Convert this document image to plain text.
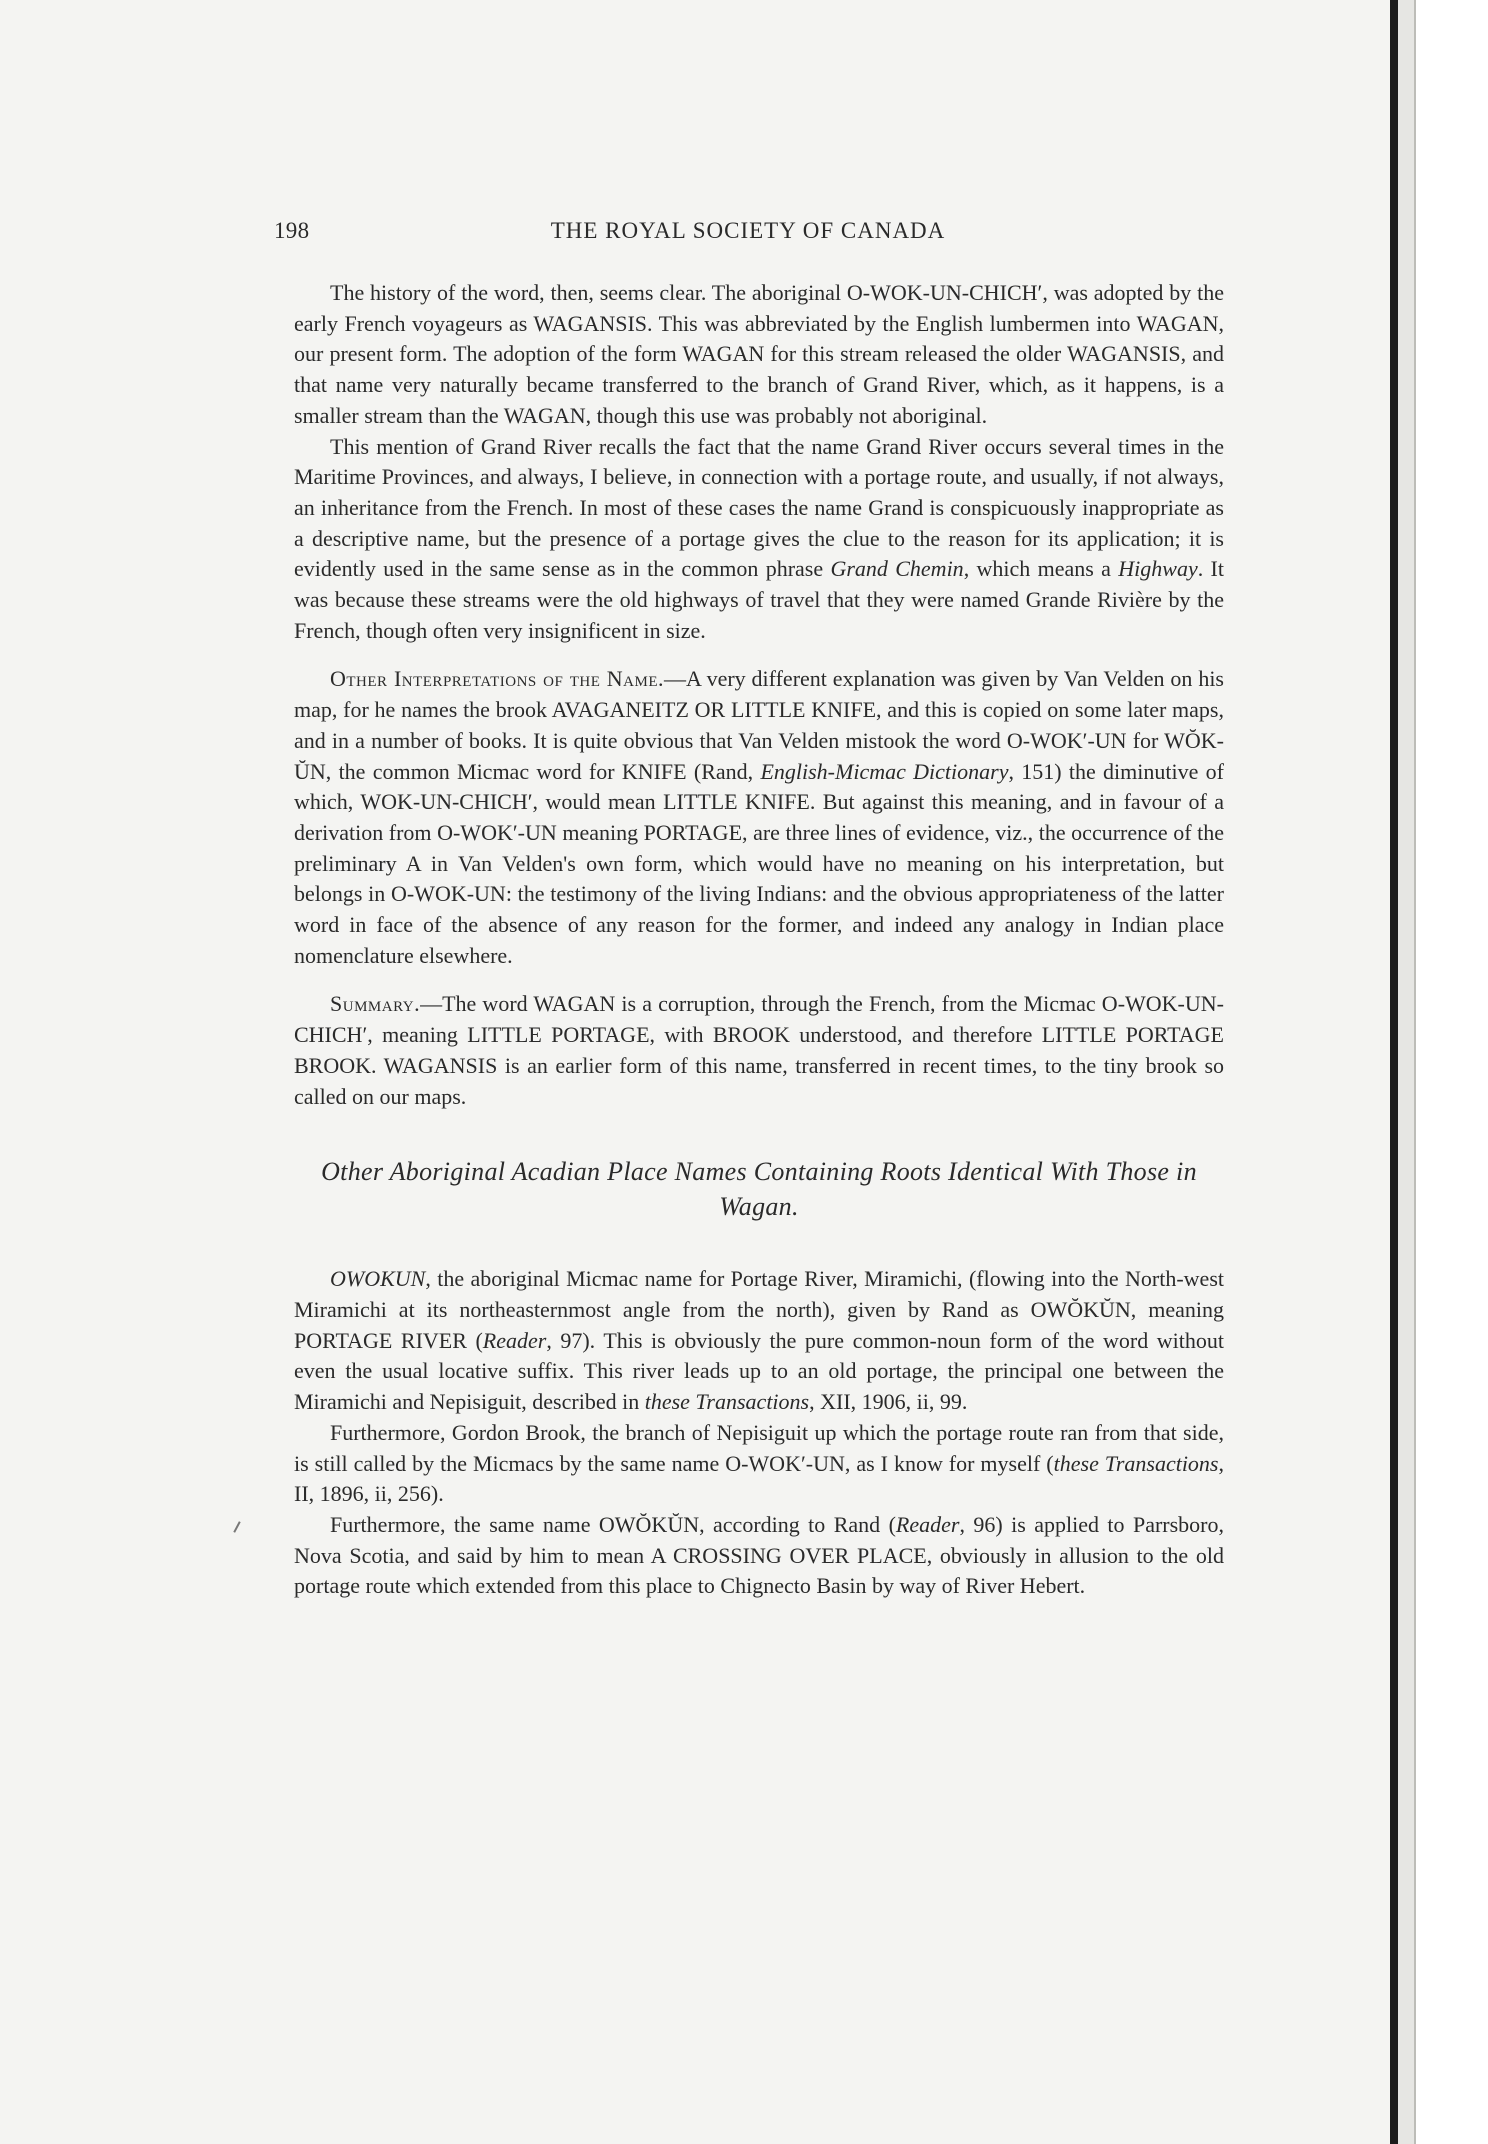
198	THE ROYAL SOCIETY OF CANADA

The history of the word, then, seems clear. The aboriginal O-WOK-UN-CHICH′, was adopted by the early French voyageurs as WAGANSIS. This was abbreviated by the English lumbermen into WAGAN, our present form. The adoption of the form WAGAN for this stream released the older WAGANSIS, and that name very naturally became transferred to the branch of Grand River, which, as it happens, is a smaller stream than the WAGAN, though this use was probably not aboriginal.

This mention of Grand River recalls the fact that the name Grand River occurs several times in the Maritime Provinces, and always, I believe, in connection with a portage route, and usually, if not always, an inheritance from the French. In most of these cases the name Grand is conspicuously inappropriate as a descriptive name, but the presence of a portage gives the clue to the reason for its application; it is evidently used in the same sense as in the common phrase Grand Chemin, which means a Highway. It was because these streams were the old highways of travel that they were named Grande Rivière by the French, though often very insignificent in size.

Other Interpretations of the Name.—A very different explanation was given by Van Velden on his map, for he names the brook AVAGANEITZ OR LITTLE KNIFE, and this is copied on some later maps, and in a number of books. It is quite obvious that Van Velden mistook the word O-WOK′-UN for WŎK-ŬN, the common Micmac word for KNIFE (Rand, English-Micmac Dictionary, 151) the diminutive of which, WOK-UN-CHICH′, would mean LITTLE KNIFE. But against this meaning, and in favour of a derivation from O-WOK′-UN meaning PORTAGE, are three lines of evidence, viz., the occurrence of the preliminary A in Van Velden's own form, which would have no meaning on his interpretation, but belongs in O-WOK-UN: the testimony of the living Indians: and the obvious appropriateness of the latter word in face of the absence of any reason for the former, and indeed any analogy in Indian place nomenclature elsewhere.

Summary.—The word WAGAN is a corruption, through the French, from the Micmac O-WOK-UN-CHICH′, meaning LITTLE PORTAGE, with BROOK understood, and therefore LITTLE PORTAGE BROOK. WAGANSIS is an earlier form of this name, transferred in recent times, to the tiny brook so called on our maps.

Other Aboriginal Acadian Place Names Containing Roots Identical With Those in Wagan.

OWOKUN, the aboriginal Micmac name for Portage River, Miramichi, (flowing into the North-west Miramichi at its northeasternmost angle from the north), given by Rand as OWŎKŬN, meaning PORTAGE RIVER (Reader, 97). This is obviously the pure common-noun form of the word without even the usual locative suffix. This river leads up to an old portage, the principal one between the Miramichi and Nepisiguit, described in these Transactions, XII, 1906, ii, 99.

Furthermore, Gordon Brook, the branch of Nepisiguit up which the portage route ran from that side, is still called by the Micmacs by the same name O-WOK′-UN, as I know for myself (these Transactions, II, 1896, ii, 256).

Furthermore, the same name OWŎKŬN, according to Rand (Reader, 96) is applied to Parrsboro, Nova Scotia, and said by him to mean A CROSSING OVER PLACE, obviously in allusion to the old portage route which extended from this place to Chignecto Basin by way of River Hebert.
